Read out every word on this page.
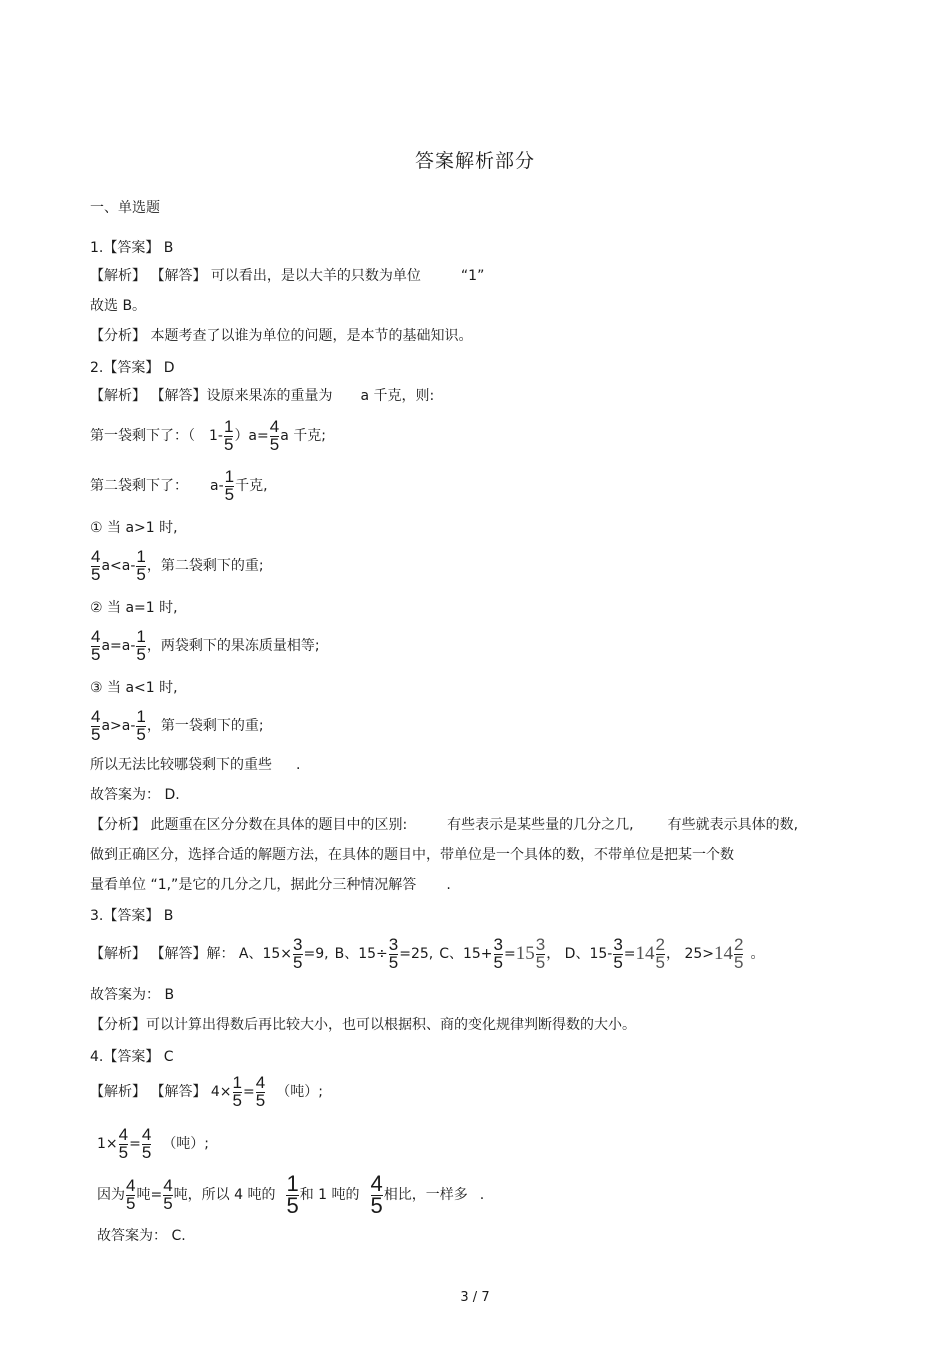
答案解析部分
一、单选题
1.【答案】 B
【解析】 【解答】 可以看出，是以大羊的只数为单位	“1”
故选 B。
【分析】 本题考查了以谁为单位的问题，是本节的基础知识。
2.【答案】 D
【解析】 【解答】设原来果冻的重量为 a 千克，则:
第一袋剩下了：（ $1- \frac{1}{5} )a= \frac{4}{5}$ a 千克;
第二袋剩下了： $a- \frac{1}{5}$ 千克,
① 当 a>1 时,
$\frac{4}{5} a<a- \frac{1}{5}$ ，第二袋剩下的重;
② 当 a=1 时,
$\frac{4}{5} a=a- \frac{1}{5}$ ，两袋剩下的果冻质量相等;
③ 当 a<1 时,
$\frac{4}{5} a>a- \frac{1}{5}$ ，第一袋剩下的重;
所以无法比较哪袋剩下的重些 .
故答案为： D.
【分析】 此题重在区分分数在具体的题目中的区别:	有些表示是某些量的几分之几, 有些就表示具体的数,
做到正确区分，选择合适的解题方法，在具体的题目中，带单位是一个具体的数，不带单位是把某一个数
量看单位 “1,”是它的几分之几，据此分三种情况解答 .
3.【答案】 B
【解析】 【解答】解： A、$15\times \frac{3}{5} =9$, B、$15\div \frac{3}{5} =25$, C、$15+ \frac{3}{5} =15 \frac{3}{5}$ ， D、$15- \frac{3}{5} =14 \frac{2}{5}$ ， $25>14 \frac{2}{5}$ 。
故答案为： B
【分析】可以计算出得数后再比较大小，也可以根据积、商的变化规律判断得数的大小。
4.【答案】 C
【解析】 【解答】 $4\times \frac{1}{5} = \frac{4}{5}$ （吨）;
$1\times \frac{4}{5} = \frac{4}{5}$ （吨）;
因为 $\frac{4}{5}$ 吨= $\frac{4}{5}$ 吨，所以 4 吨的 $\frac{1}{5}$ 和 1 吨的 $\frac{4}{5}$ 相比，一样多 .
故答案为： C.
3 / 7
